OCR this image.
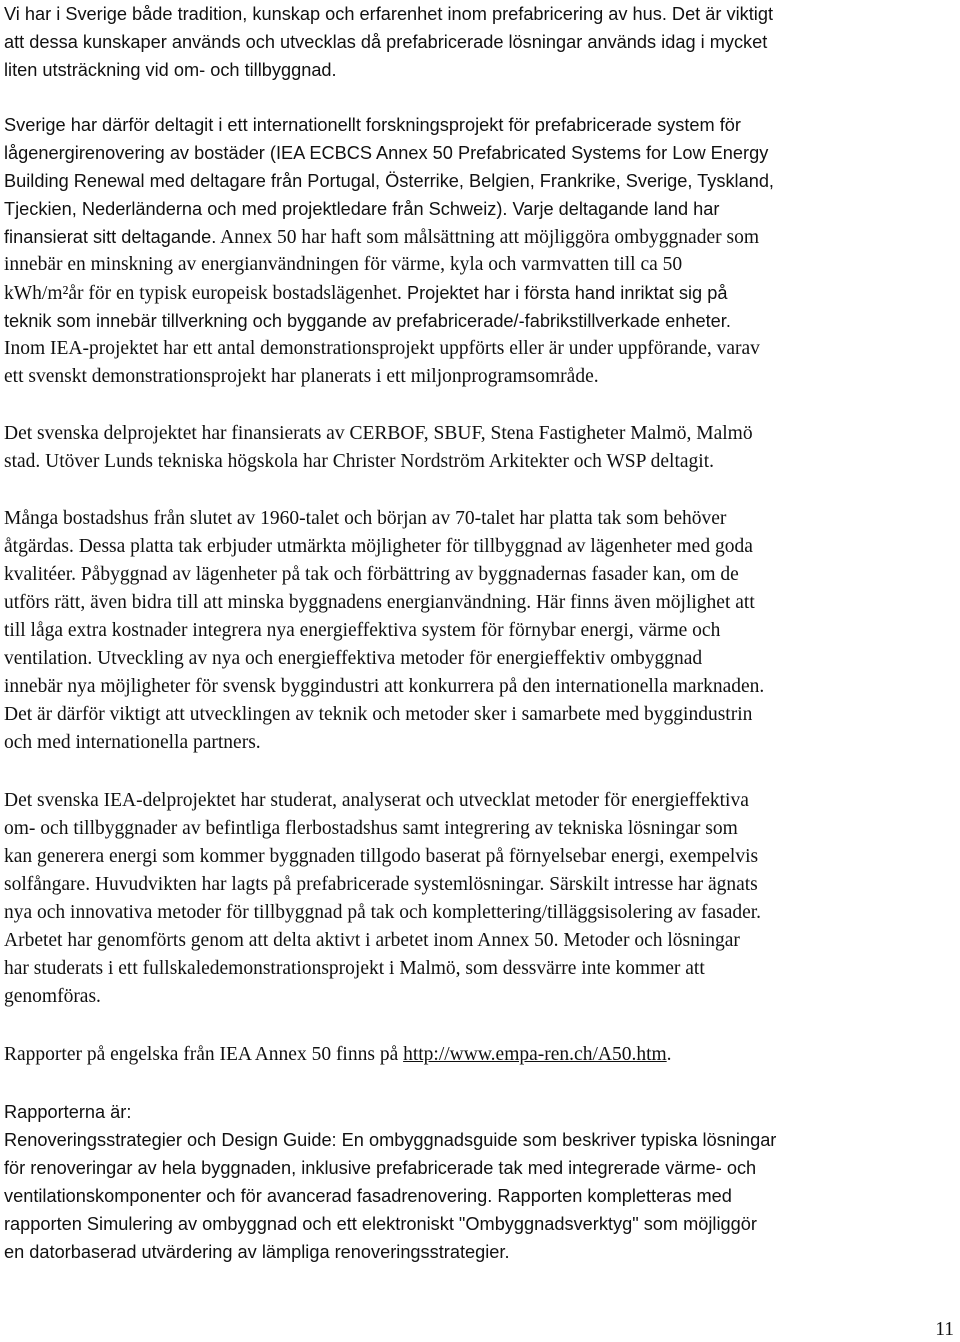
Vi har i Sverige både tradition, kunskap och erfarenhet inom prefabricering av hus. Det är viktigt
att dessa kunskaper används och utvecklas då prefabricerade lösningar används idag i mycket
liten utsträckning vid om- och tillbyggnad.
Sverige har därför deltagit i ett internationellt forskningsprojekt för prefabricerade system för
lågenergirenovering av bostäder (IEA ECBCS Annex 50 Prefabricated Systems for Low Energy
Building Renewal med deltagare från Portugal, Österrike, Belgien, Frankrike, Sverige, Tyskland,
Tjeckien, Nederländerna och med projektledare från Schweiz). Varje deltagande land har
finansierat sitt deltagande. Annex 50 har haft som målsättning att möjliggöra ombyggnader som
innebär en minskning av energianvändningen för värme, kyla och varmvatten till ca 50
kWh/m²år för en typisk europeisk bostadslägenhet. Projektet har i första hand inriktat sig på
teknik som innebär tillverkning och byggande av prefabricerade/-fabrikstillverkade enheter.
Inom IEA-projektet har ett antal demonstrationsprojekt uppförts eller är under uppförande, varav
ett svenskt demonstrationsprojekt har planerats i ett miljonprogramsområde.
Det svenska delprojektet har finansierats av CERBOF, SBUF, Stena Fastigheter Malmö, Malmö
stad. Utöver Lunds tekniska högskola har Christer Nordström Arkitekter och WSP deltagit.
Många bostadshus från slutet av 1960-talet och början av 70-talet har platta tak som behöver
åtgärdas. Dessa platta tak erbjuder utmärkta möjligheter för tillbyggnad av lägenheter med goda
kvalitéer. Påbyggnad av lägenheter på tak och förbättring av byggnadernas fasader kan, om de
utförs rätt, även bidra till att minska byggnadens energianvändning. Här finns även möjlighet att
till låga extra kostnader integrera nya energieffektiva system för förnybar energi, värme och
ventilation. Utveckling av nya och energieffektiva metoder för energieffektiv ombyggnad
innebär nya möjligheter för svensk byggindustri att konkurrera på den internationella marknaden.
Det är därför viktigt att utvecklingen av teknik och metoder sker i samarbete med byggindustrin
och med internationella partners.
Det svenska IEA-delprojektet har studerat, analyserat och utvecklat metoder för energieffektiva
om- och tillbyggnader av befintliga flerbostadshus samt integrering av tekniska lösningar som
kan generera energi som kommer byggnaden tillgodo baserat på förnyelsebar energi, exempelvis
solfångare. Huvudvikten har lagts på prefabricerade systemlösningar. Särskilt intresse har ägnats
nya och innovativa metoder för tillbyggnad på tak och komplettering/tilläggsisolering av fasader.
Arbetet har genomförts genom att delta aktivt i arbetet inom Annex 50. Metoder och lösningar
har studerats i ett fullskaledemonstrationsprojekt i Malmö, som dessvärre inte kommer att
genomföras.
Rapporter på engelska från IEA Annex 50 finns på http://www.empa-ren.ch/A50.htm.
Rapporterna är:
Renoveringsstrategier och Design Guide: En ombyggnadsguide som beskriver typiska lösningar
för renoveringar av hela byggnaden, inklusive prefabricerade tak med integrerade värme- och
ventilationskomponenter och för avancerad fasadrenovering. Rapporten kompletteras med
rapporten Simulering av ombyggnad och ett elektroniskt "Ombyggnadsverktyg" som möjliggör
en datorbaserad utvärdering av lämpliga renoveringsstrategier.
11
